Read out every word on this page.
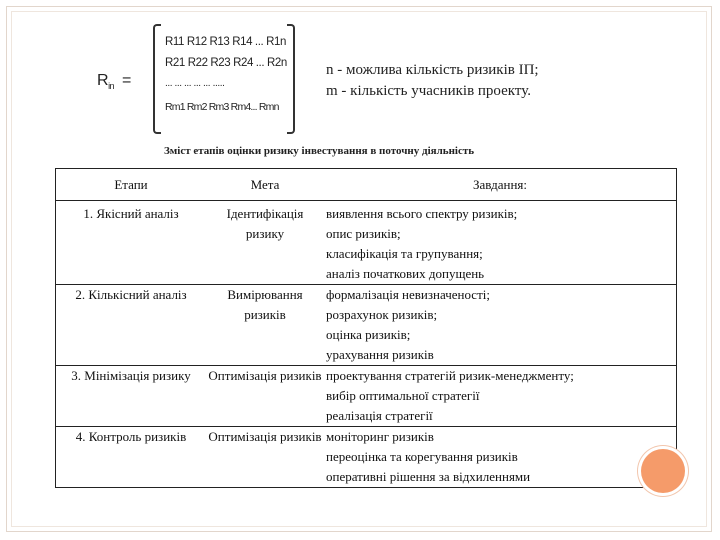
$R_{in}$ =
R11 R12 R13 R14 ... R1n
R21 R22 R23 R24 ... R2n
... ... ... ... ... .....
Rm1 Rm2 Rm3 Rm4... Rmn
n - можлива кількість ризиків ІП;
m - кількість учасників проекту.
Зміст етапів оцінки ризику інвестування в поточну діяльність
Етапи	Мета	Завдання:
1. Якісний аналіз	Ідентифікація ризику	виявлення всього спектру ризиків;
опис ризиків;
класифікація та групування;
аналіз початкових допущень

2. Кількісний аналіз	Вимірювання ризиків	формалізація невизначеності;
розрахунок ризиків;
оцінка ризиків;
урахування ризиків

3. Мінімізація ризику	Оптимізація ризиків	проектування стратегій ризик-менеджменту;
вибір оптимальної стратегії
реалізація стратегії

4. Контроль ризиків	Оптимізація ризиків	моніторинг ризиків
переоцінка та корегування ризиків
оперативні рішення за відхиленнями
